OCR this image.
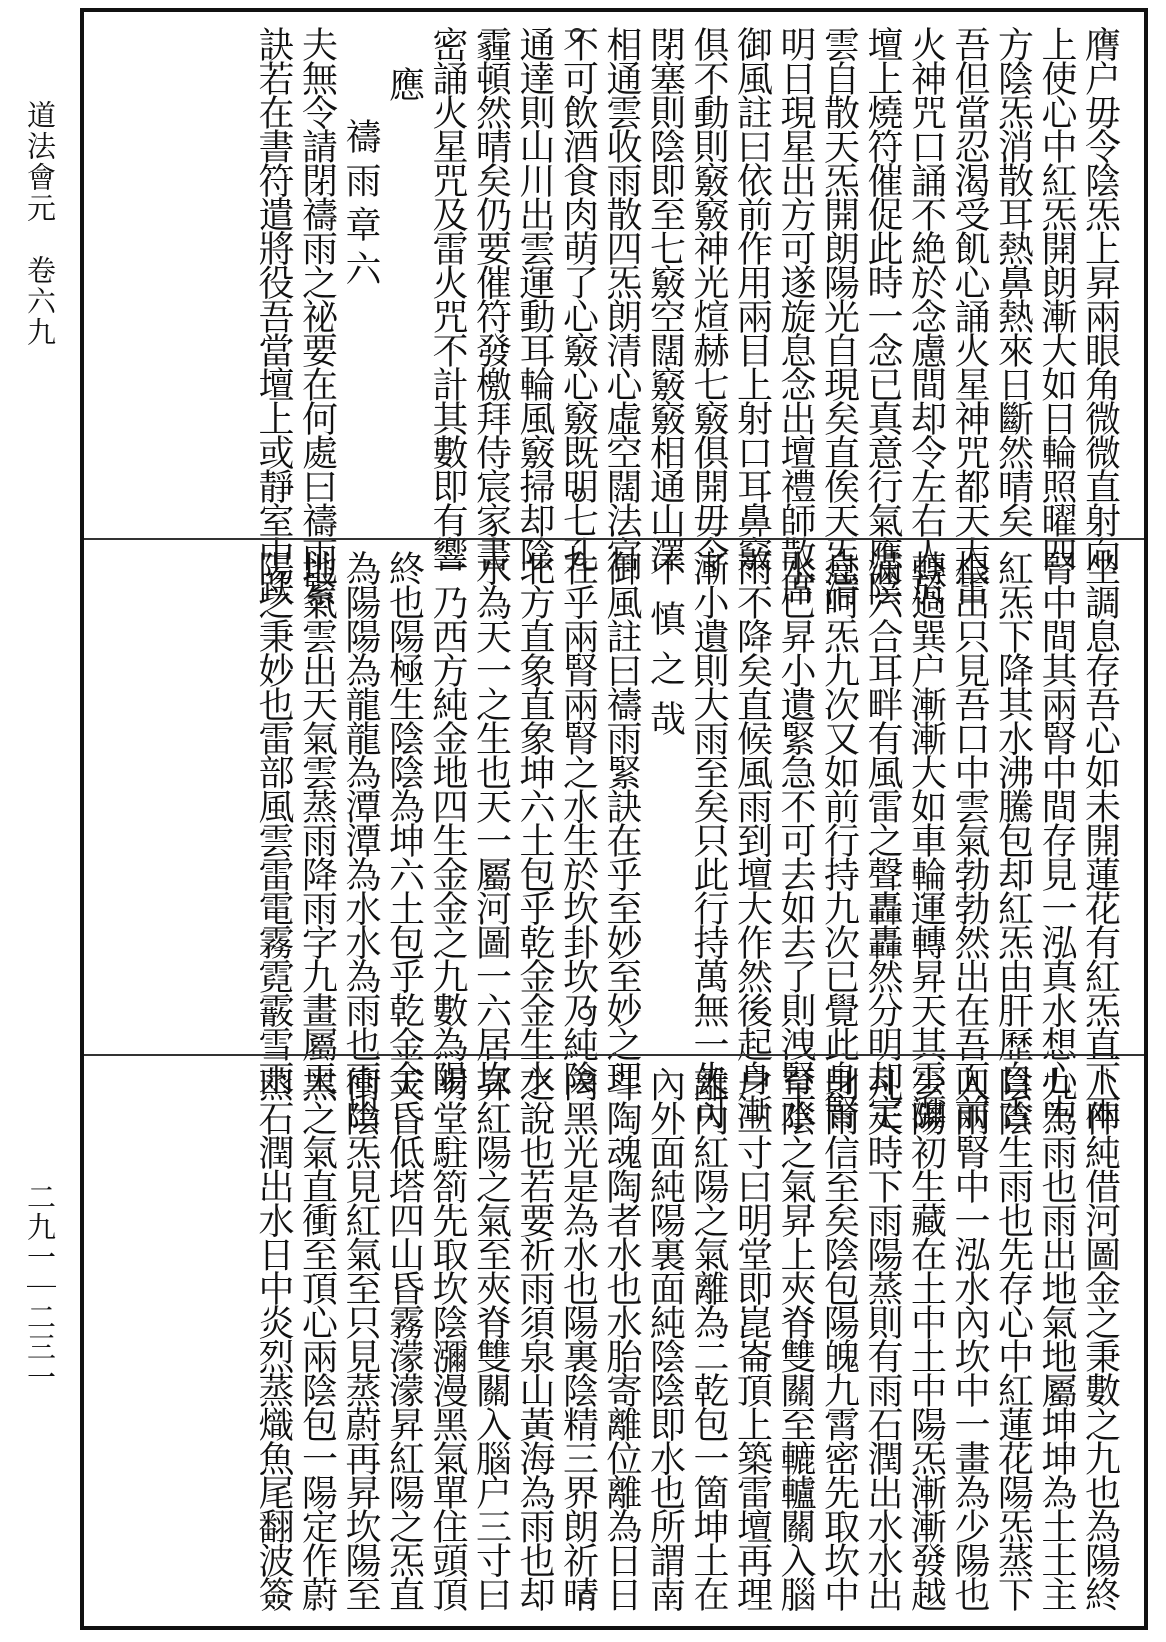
道法會元　卷六九
二九一｜二三一
膺户毋令陰炁上昇兩眼角微微直射向
上使心中紅炁開朗漸大如日輪照曜四
方陰炁消散耳熱鼻熱來日斷然晴矣
吾但當忍渴受飢心誦火星神咒都天大雷
火神咒口誦不絶於念慮間却令左右人於
壇上燒符催促此時一念已真意行氣應陰
雲自散天炁開朗陽光自現矣直俟天炁清
明日現星出方可遂旋息念出壇禮師散席
御風註曰依前作用兩目上射口耳鼻竅
俱不動則竅竅神光煊赫七竅俱開毋令
閉塞則陰即至七竅空闊竅竅相通山澤
相通雲收雨散四炁朗清心虛空闊法官
不可飲酒食肉萌了心竅心竅既明七孔
通達則山川出雲運動耳輪風竅掃却陰
霾頓然晴矣仍要催符發檄拜侍宸家書
密誦火星咒及雷火咒不計其數即有響
應
禱雨章六
夫無令請閉禱雨之祕要在何處曰禱雨緊
訣若在書符遣將役吾當壇上或靜室中趺
坐調息存吾心如未開蓮花有紅炁直下兩
腎中間其兩腎中間存見一泓真水想心中
紅炁下降其水沸騰包却紅炁由肝歷自舌
根出只見吾口中雲氣勃勃然出在吾面前
轉過巽户漸漸大如車輪運轉昇天其雲瀰
滿六合耳畔有風雷之聲轟轟然分明却定
息呵炁九次又如前行持九次已覺此身腎
水已昇小遺緊急不可去如去了則洩腎水
雨不降矣直候風雨到壇大作然後起身漸
漸小遺則大雨至矣只此行持萬無一失可
不慎之哉
御風註曰禱雨緊訣在乎至妙至妙之理
在乎兩腎兩腎之水生於坎卦坎乃純陰
北方直象直象坤六土包乎乾金金生水
水為天一之生也天一屬河圖一六居坎
一乃西方純金地四生金金之九數為陽
終也陽極生陰陰為坤六土包乎乾金金
為陽陽為龍龍為潭潭為水水為雨也雨出
地氣雲出天氣雲蒸雨降雨字九畫屬天
陽之秉妙也雷部風雲雷電霧霓霰雪雨
八件純借河圖金之秉數之九也為陽終
九為雨也雨出地氣地屬坤坤為土土主
陰陰生雨也先存心中紅蓮花陽炁蒸下
入兩腎中一泓水內坎中一畫為少陽也
少陽初生藏在土中土中陽炁漸漸發越
凡天時下雨陽蒸則有雨石潤出水水出
則雨信至矣陰包陽魄九霄密先取坎中
至陰之氣昇上夾脊雙關至轆轤關入腦
户三寸曰明堂即崑崙頂上築雷壇再理
離內紅陽之氣離為二乾包一箇坤土在
內外面純陽裏面純陰陰即水也所謂南
斗陶魂陶者水也水胎寄離位離為日日
內黑光是為水也陽裏陰精三界朗祈晴
之說也若要祈雨須泉山黃海為雨也却
昇紅陽之氣至夾脊雙關入腦户三寸曰
明堂駐箚先取坎陰瀰漫黑氣單住頭頂
天昏低塔四山昏霧濛濛昇紅陽之炁直
衝陰炁見紅氣至只見蒸蔚再昇坎陽至
黑之氣直衝至頂心兩陰包一陽定作蔚
蒸石潤出水日中炎烈蒸熾魚尾翻波簽
